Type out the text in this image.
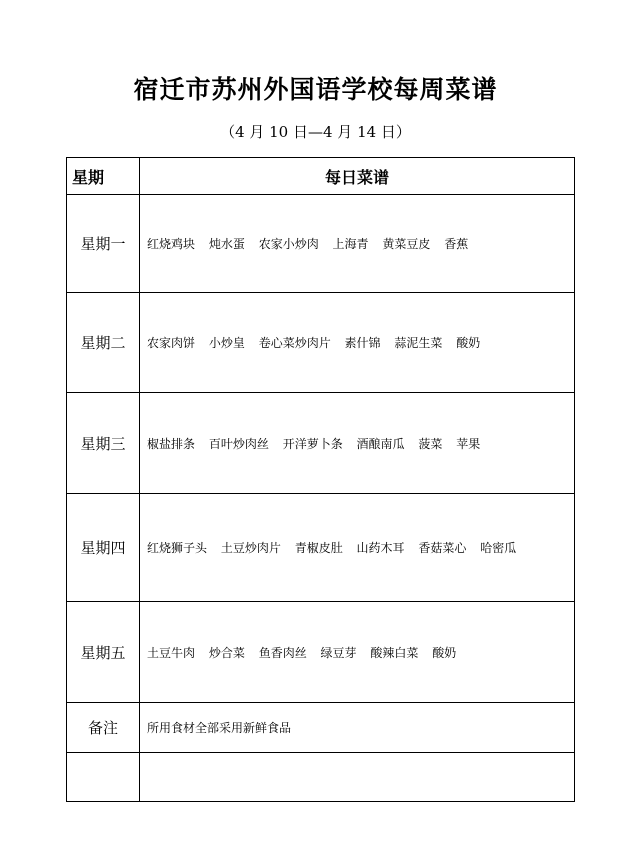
宿迁市苏州外国语学校每周菜谱
（4 月 10 日—4 月 14 日）
星期	每日菜谱
星期一	红烧鸡块 炖水蛋 农家小炒肉 上海青 黄菜豆皮 香蕉
星期二	农家肉饼 小炒皇 卷心菜炒肉片 素什锦 蒜泥生菜 酸奶
星期三	椒盐排条 百叶炒肉丝 开洋萝卜条 酒酿南瓜 菠菜 苹果
星期四	红烧狮子头 土豆炒肉片 青椒皮肚 山药木耳 香菇菜心 哈密瓜
星期五	土豆牛肉 炒合菜 鱼香肉丝 绿豆芽 酸辣白菜 酸奶
备注	所用食材全部采用新鲜食品
